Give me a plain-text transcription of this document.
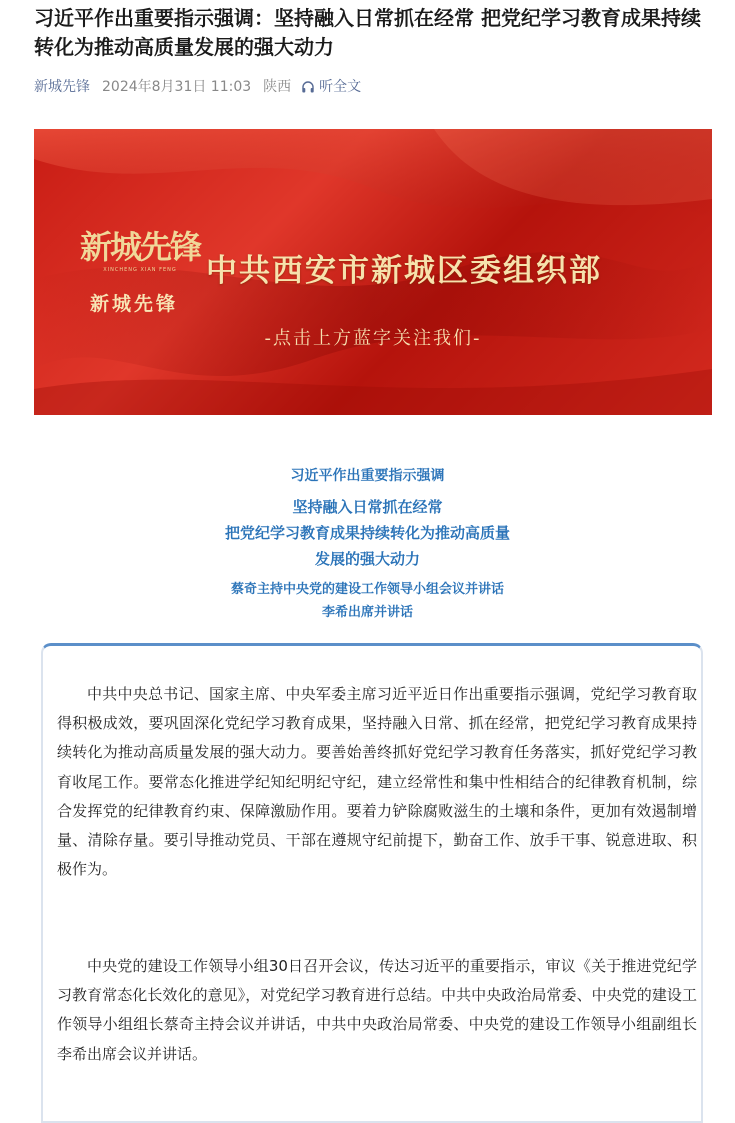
习近平作出重要指示强调：坚持融入日常抓在经常 把党纪学习教育成果持续转化为推动高质量发展的强大动力
新城先锋 2024年8月31日 11:03 陕西 听全文
新城先锋
XINCHENG XIAN FENG 中共西安市新城区委组织部
新城先锋
-点击上方蓝字关注我们-
习近平作出重要指示强调
坚持融入日常抓在经常
把党纪学习教育成果持续转化为推动高质量
发展的强大动力
蔡奇主持中央党的建设工作领导小组会议并讲话
李希出席并讲话

中共中央总书记、国家主席、中央军委主席习近平近日作出重要指示强调，党纪学习教育取得积极成效，要巩固深化党纪学习教育成果，坚持融入日常、抓在经常，把党纪学习教育成果持续转化为推动高质量发展的强大动力。要善始善终抓好党纪学习教育任务落实，抓好党纪学习教育收尾工作。要常态化推进学纪知纪明纪守纪，建立经常性和集中性相结合的纪律教育机制，综合发挥党的纪律教育约束、保障激励作用。要着力铲除腐败滋生的土壤和条件，更加有效遏制增量、清除存量。要引导推动党员、干部在遵规守纪前提下，勤奋工作、放手干事、锐意进取、积极作为。

中央党的建设工作领导小组30日召开会议，传达习近平的重要指示，审议《关于推进党纪学习教育常态化长效化的意见》，对党纪学习教育进行总结。中共中央政治局常委、中央党的建设工作领导小组组长蔡奇主持会议并讲话，中共中央政治局常委、中央党的建设工作领导小组副组长李希出席会议并讲话。
